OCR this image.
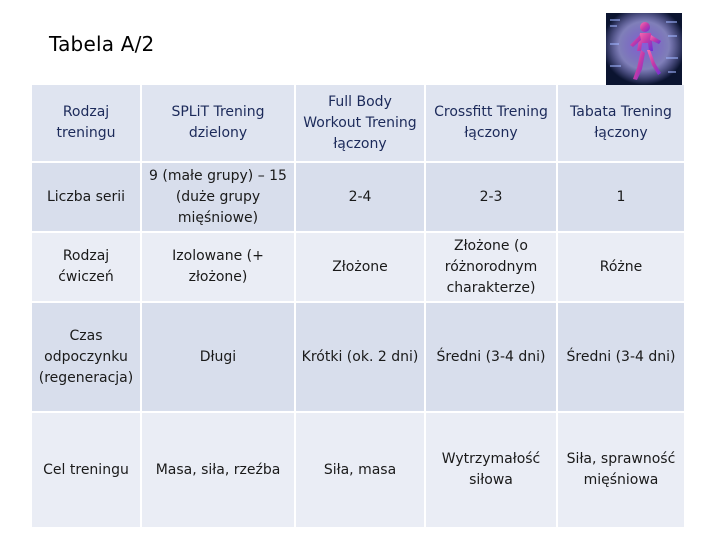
Tabela A/2
Rodzaj treningu	SPLiT Trening dzielony	Full Body Workout Trening łączony	Crossfitt Trening łączony	Tabata Trening łączony
Liczba serii	9 (małe grupy) – 15 (duże grupy mięśniowe)	2-4	2-3	1
Rodzaj ćwiczeń	Izolowane (+ złożone)	Złożone	Złożone (o różnorodnym charakterze)	Różne
Czas odpoczynku (regeneracja)	Długi	Krótki (ok. 2 dni)	Średni (3-4 dni)	Średni (3-4 dni)
Cel treningu	Masa, siła, rzeźba	Siła, masa	Wytrzymałość siłowa	Siła, sprawność mięśniowa
